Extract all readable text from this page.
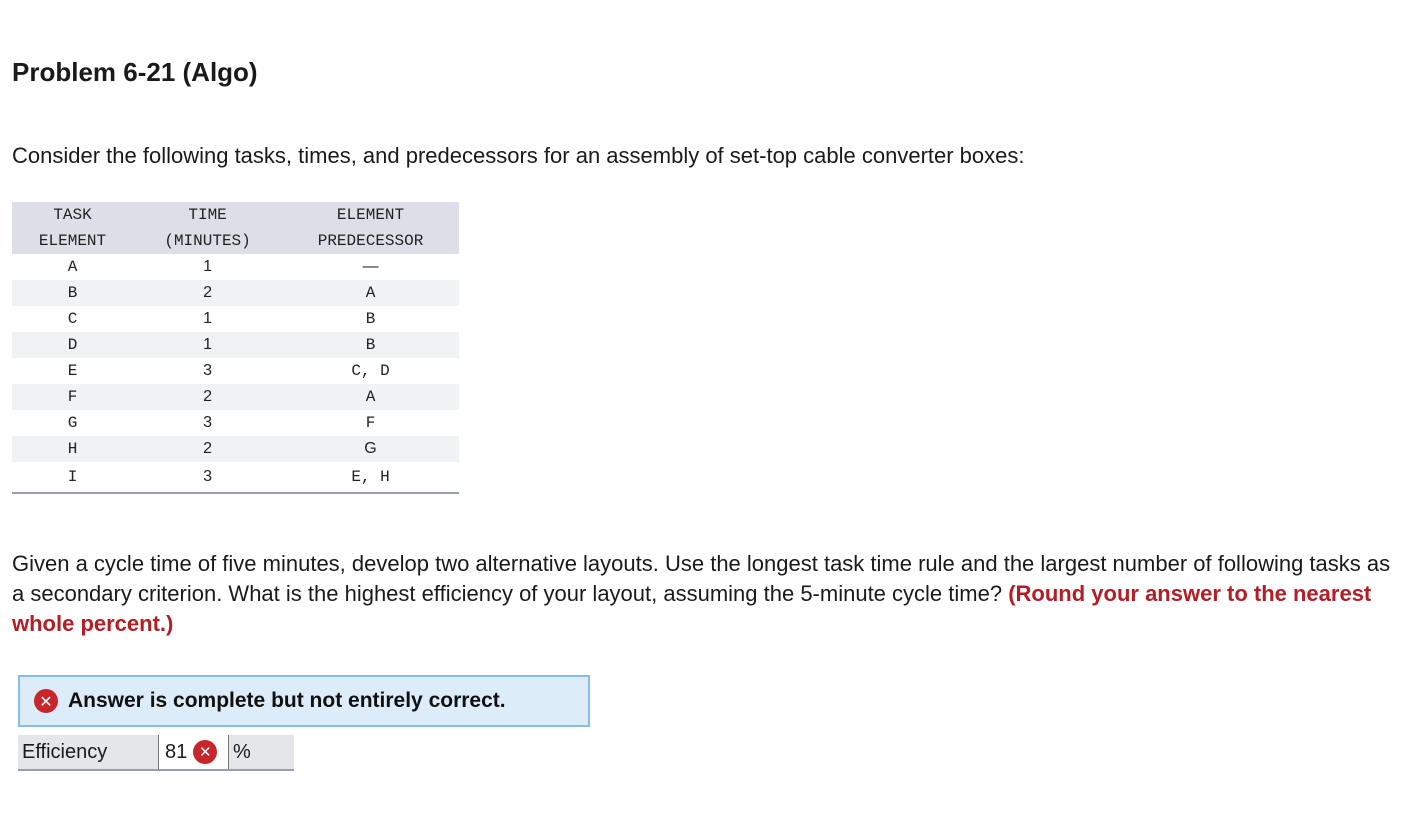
Problem 6-21 (Algo)

Consider the following tasks, times, and predecessors for an assembly of set-top cable converter boxes:

TASK	TIME	ELEMENT
ELEMENT	(MINUTES)	PREDECESSOR
A	1	—
B	2	A
C	1	B
D	1	B
E	3	C, D
F	2	A
G	3	F
H	2	G
I	3	E, H

Given a cycle time of five minutes, develop two alternative layouts. Use the longest task time rule and the largest number of following tasks as a secondary criterion. What is the highest efficiency of your layout, assuming the 5-minute cycle time? (Round your answer to the nearest whole percent.)

✕ Answer is complete but not entirely correct.
Efficiency	81 ✕ %
